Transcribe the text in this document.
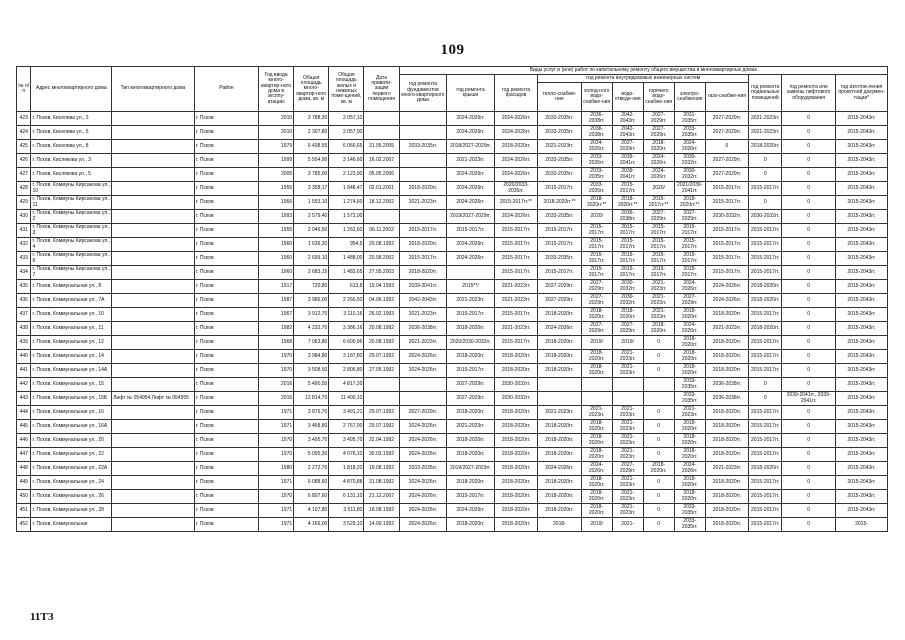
109
№ п/п	Адрес многоквартирного дома	Тип многоквартирного дома	Район	Год ввода много-квартир-ного дома в эксплу-атацию	Общая площадь много-квартир-ного дома, кв. м	Общая площадь жилых и нежилых поме-щений, кв. м	Дата привати-зации первого помещения	Виды услуг и (или) работ по капитальному ремонту общего имущества в многоквартирных домах											
								год ремонта фундаментов много-квартирного дома	год ремонта крыши	год ремонта фасадов	год ремонта внутридомовых инженерных систем						год ремонта подвальных помещений	год ремонта или замены лифтового оборудования	год изготов-ления проектной докумен-тации*
											тепло-снабже-ния	холод-ного водо-снабже-ния	водо-отведе-ния	горячего водо-снабже-ния	электро-снабжения	газо-снабже-ния			
423	г. Псков, Киселева ул., 3		г. Псков	2010	3 788,30	2 057,10			2024-2026гг.	2024-2026гг.	2033-2035гг.	2036-2038гг.	2042-2043гг.	2027-2029гг.	2031-2035гг.	2027-2029гг.	2021-2023гг.	0	2015-2043гг.
424	г. Псков, Киселева ул., 5		г. Псков	2010	2 307,80	2 057,90			2024-2026гг.	2024-2026гг.	2033-2035гг.	2036-2038гг.	2042-2043гг.	2027-2029гг.	2033-2035гг.	2027-2029гг.	2021-2023гг.	0	2015-2043гг.
425	г. Псков, Киселева ул., 8		г. Псков	1979	6 438,55	6 066,65	31.05.2005	2033-2035гг.	2018/2027-2029гг.	2018-2020гг.	2021-2023гг.	2024-2026гг.	2027-2029гг.	2018-2020гг.	2024-2026гг.	0	2018-2020гг.	0	2015-2043гг.
426	г. Псков, Кислякова ул., 3		г. Псков	1999	5 504,90	3 146,60	16.02.2007		2021-2023гг.	2024-2026гг.	2033-2035гг.	2033-2035гг.	2039-2041гг.	2024-2026гг.	2030-2032гг.	2027-2029гг.	0	0	2015-2043гг.
427	г. Псков, Кислякова ул., 5		г. Псков	2005	3 785,00	2 123,90	05.05.2006		2024-2026гг.	2024-2026гг.	2033-2035гг.	2033-2035гг.	2039-2041гг.	2024-2026гг.	2030-2032гг.	2027-2029гг.	0	0	2015-2043гг.
428	г. Псков, Коммуны Кирсанова ул., 10		г. Псков	1955	3 358,17	1 848,47	02.01.2001	2018-2020гг.	2024-2026гг.	2020/2033-2035гг.	2015-2017гг.	2033-2035гг.	2015-2017гг.	2020/	2021/2039-2041гг.	2015-2017гг.	2015-2017гг.	0	2015-2043гг.
429	г. Псков, Коммуны Кирсанова ул., 11		г. Псков	1966	1 593,10	1 274,60	18.12.2002	2021-2023гг.	2024-2026гг.	2015-2017гг.**	2018-2020гг.**	2018-2020гг.**	2018-2020гг.**	2015-2017гг.**	2018-2020гг.**	2015-2017гг.	0	0	2015-2043гг.
430	г. Псков, Коммуны Кирсанова ул., 2		г. Псков	1993	2 579,40	1 572,00			2019/2027-2029гг.	2024-2026гг.	2033-2035гг.	2020/	2036-2038гг.	2027-2029гг.	2027-2029гг.	2030-2032гг.	2030-2032гг.	0	2015-2043гг.
431	г. Псков, Коммуны Кирсанова ул., 3		г. Псков	1955	2 046,50	1 262,60	06.11.2002	2015-2017гг.	2015-2017гг.	2015-2017гг.	2015-2017гг.	2015-2017гг.	2015-2017гг.	2015-2017гг.	2015-2017гг.	2015-2017гг.	2015-2017гг.	0	2015-2043гг.
432	г. Псков, Коммуны Кирсанова ул., 4		г. Псков	1960	1 636,30	954,5	20.08.1992	2018-2020гг.	2024-2026гг.	2015-2017гг.	2015-2017гг.	2015-2017гг.	2015-2017гг.	2015-2017гг.	2015-2017гг.	2015-2017гг.	2015-2017гг.	0	2015-2043гг.
433	г. Псков, Коммуны Кирсанова ул., 6		г. Псков	1960	2 699,10	1 488,00	20.08.2002	2015-2017гг.	2024-2026гг.	2015-2017гг.	2033-2035гг.	2015-2017гг.	2015-2017гг.	2015-2017гг.	2015-2017гг.	2015-2017гг.	2015-2017гг.	0	2015-2043гг.
434	г. Псков, Коммуны Кирсанова ул., 7		г. Псков	1960	2 683,15	1 482,65	27.05.2003	2018-2020гг.		2015-2017гг.	2015-2017гг.	2015-2017гг.	2015-2017гг.	2015-2017гг.	2015-2017гг.	2015-2017гг.	2015-2017гг.	0	2015-2043гг.
435	г. Псков, Коммунальная ул., 8		г. Псков	1917	720,80	613,8	19.04.1993	2039-2041гг.	2015**/	2021-2023гг.	2027-2029гг.	2027-2029гг.	2030-2032гг.	2021-2023гг.	2024-2026гг.	2024-2026гг.	2018-2020гг.	0	2015-2043гг.
436	г. Псков, Коммунальная ул., 7А		г. Псков	1987	3 986,00	2 266,50	04.06.1992	2042-2043гг.	2021-2023гг.	2021-2023гг.	2027-2029гг.	2027-2029гг.	2030-2032гг.	2021-2023гг.	2027-2029гг.	2024-2026гг.	2018-2020гг.	0	2015-2043гг.
437	г. Псков, Коммунальная ул., 10		г. Псков	1967	3 912,70	3 110,16	26.02.1993	2021-2023гг.	2015-2017гг.	2015-2017гг.	2018-2020гг.	2018-2020гг.	2018-2020гг.	2021-2023гг.	2018-2020гг.	2018-2020гг.	2015-2017гг.	0	2015-2043гг.
438	г. Псков, Коммунальная ул., 11		г. Псков	1982	4 232,70	3 386,16	20.08.1992	2036-2038гг.	2018-2020гг.	2021-2023гг.	2024-2026гг.	2027-2029гг.	2027-2029гг.	2018-2020гг.	2024-2026гг.	2021-2023гг.	2018-2020гг.	0	2015-2043гг.
439	г. Псков, Коммунальная ул., 12		г. Псков	1968	7 063,80	6 600,96	20.08.1992	2021-2023гг.	2020/2030-2032гг.	2015-2017гг.	2018-2020гг.	2019/	2019/	0	2018-2020гг.	2018-2020гг.	2015-2017гг.	0	2015-2043гг.
440	г. Псков, Коммунальная ул., 14		г. Псков	1970	3 984,80	3 187,80	29.07.1992	2024-2026гг.	2018-2020гг.	2018-2020гг.	2018-2020гг.	2018-2020гг.	2021-2023гг.	0	2018-2020гг.	2018-2020гг.	2015-2017гг.	0	2015-2043гг.
441	г. Псков, Коммунальная ул., 14А		г. Псков	1970	3 508,50	2 806,80	27.05.1992	2024-2026гг.	2015-2017гг.	2018-2020гг.	2018-2020гг.	2018-2020гг.	2021-2023гг.	0	2018-2020гг.	2018-2020гг.	2015-2017гг.	0	2015-2043гг.
442	г. Псков, Коммунальная ул., 15		г. Псков	2016	5 490,50	4 817,20			2027-2029гг.	2030-2032гг.					2033-2035гг.	2036-2038гг.	0	0	2015-2043гг.
443	г. Псков, Коммунальная ул., 15Б	Лифт № 054954 Лифт № 054955	г. Псков	2016	12 814,70	11 400,10			2027-2029гг.	2030-2032гг.					2033-2035гг.	2036-2038гг.	0	2039-2041гг., 2039-2041гг.	2015-2043гг.
444	г. Псков, Коммунальная ул., 16		г. Псков	1971	3 876,70	3 491,21	29.07.1992	2027-2029гг.	2018-2020гг.	2018-2020гг.	2021-2023гг.	2021-2023гг.	2021-2023гг.	0	2021-2023гг.	2018-2020гг.	2015-2017гг.	0	2015-2043гг.
445	г. Псков, Коммунальная ул., 16А		г. Псков	1971	3 458,80	2 767,00	29.07.1992	2024-2026гг.	2021-2023гг.	2018-2020гг.	2018-2020гг.	2018-2020гг.	2021-2023гг.	0	2018-2020гг.	2018-2020гг.	2015-2017гг.	0	2015-2043гг.
446	г. Псков, Коммунальная ул., 20		г. Псков	1970	3 495,70	3 495,70	22.04.1992	2024-2026гг.	2018-2020гг.	2018-2020гг.	2018-2020гг.	2018-2020гг.	2021-2023гг.	0	2018-2020гг.	2018-2020гг.	2015-2017гг.	0	2015-2043гг.
447	г. Псков, Коммунальная ул., 22		г. Псков	1970	5 095,30	4 076,10	30.03.1992	2024-2026гг.	2018-2020гг.	2018-2020гг.	2018-2020гг.	2018-2020гг.	2021-2023гг.	0	2018-2020гг.	2018-2020гг.	2015-2017гг.	0	2015-2043гг.
448	г. Псков, Коммунальная ул., 22А		г. Псков	1980	2 272,70	1 818,20	19.08.1992	2033-2035гг.	2019/2027-2029гг.	2018-2020гг.	2024-2026гг.	2024-2026гг.	2027-2029гг.	2018-2020гг.	2024-2026гг.	2021-2023гг.	2018-2020гг.	0	2015-2043гг.
449	г. Псков, Коммунальная ул., 24		г. Псков	1971	6 088,60	4 870,88	31.08.1992	2024-2026гг.	2018-2020гг.	2018-2020гг.	2018-2020гг.	2018-2020гг.	2021-2023гг.	0	2018-2020гг.	2018-2020гг.	2015-2017гг.	0	2015-2043гг.
450	г. Псков, Коммунальная ул., 26		г. Псков	1970	6 807,60	6 131,10	21.12.2007	2024-2026гг.	2015-2017гг.	2018-2020гг.	2018-2020гг.	2018-2020гг.	2021-2023гг.	0	2018-2020гг.	2018-2020гг.	2015-2017гг.	0	2015-2043гг.
451	г. Псков, Коммунальная ул., 28		г. Псков	1971	4 107,80	3 511,80	18.08.1992	2024-2026гг.	2024-2026гг.	2018-2020гг.	2018-2020гг.	2018-2020гг.	2021-2023гг.	0	2033-2035гг.	2018-2020гг.	2015-2017гг.	0	2015-2043гг.
452	г. Псков, Коммунальная		г. Псков	1971	4 166,00	3 529,10	14.09.1992	2024-2026гг.	2018-2020гг.	2018-2020гг.	2018-	2019/	2021-	0	2033-2035гг.	2018-2020гг.	2015-2017гг.	0	2015-
11ТЗ
